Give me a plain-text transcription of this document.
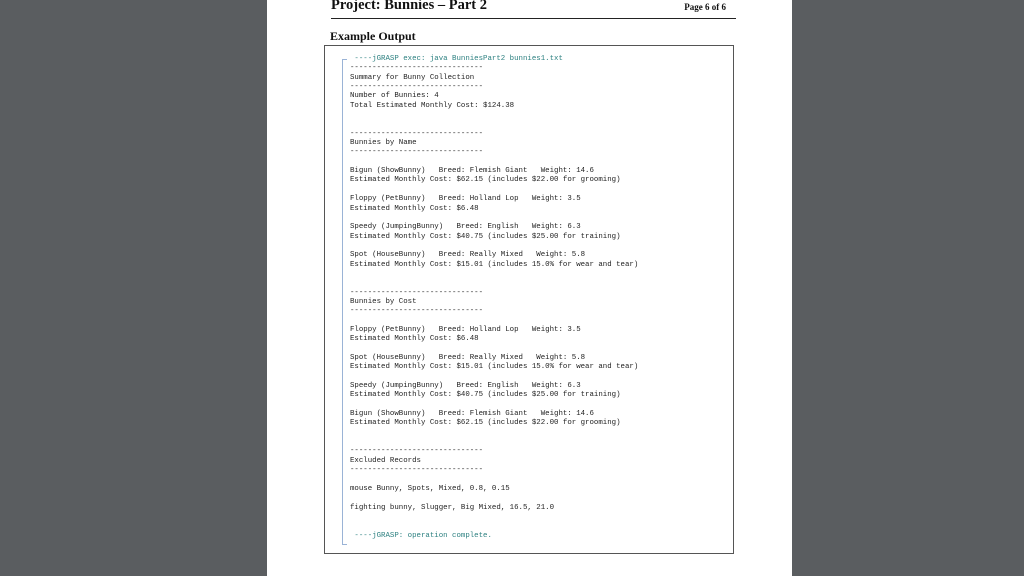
Project: Bunnies – Part 2	Page 6 of 6
Example Output
----jGRASP exec: java BunniesPart2 bunnies1.txt
------------------------------
Summary for Bunny Collection
------------------------------
Number of Bunnies: 4
Total Estimated Monthly Cost: $124.38
------------------------------
Bunnies by Name
------------------------------
Bigun (ShowBunny)   Breed: Flemish Giant   Weight: 14.6
Estimated Monthly Cost: $62.15 (includes $22.00 for grooming)
Floppy (PetBunny)   Breed: Holland Lop   Weight: 3.5
Estimated Monthly Cost: $6.48
Speedy (JumpingBunny)   Breed: English   Weight: 6.3
Estimated Monthly Cost: $40.75 (includes $25.00 for training)
Spot (HouseBunny)   Breed: Really Mixed   Weight: 5.8
Estimated Monthly Cost: $15.01 (includes 15.0% for wear and tear)
------------------------------
Bunnies by Cost
------------------------------
Floppy (PetBunny)   Breed: Holland Lop   Weight: 3.5
Estimated Monthly Cost: $6.48
Spot (HouseBunny)   Breed: Really Mixed   Weight: 5.8
Estimated Monthly Cost: $15.01 (includes 15.0% for wear and tear)
Speedy (JumpingBunny)   Breed: English   Weight: 6.3
Estimated Monthly Cost: $40.75 (includes $25.00 for training)
Bigun (ShowBunny)   Breed: Flemish Giant   Weight: 14.6
Estimated Monthly Cost: $62.15 (includes $22.00 for grooming)
------------------------------
Excluded Records
------------------------------
mouse Bunny, Spots, Mixed, 0.8, 0.15
fighting bunny, Slugger, Big Mixed, 16.5, 21.0
----jGRASP: operation complete.
